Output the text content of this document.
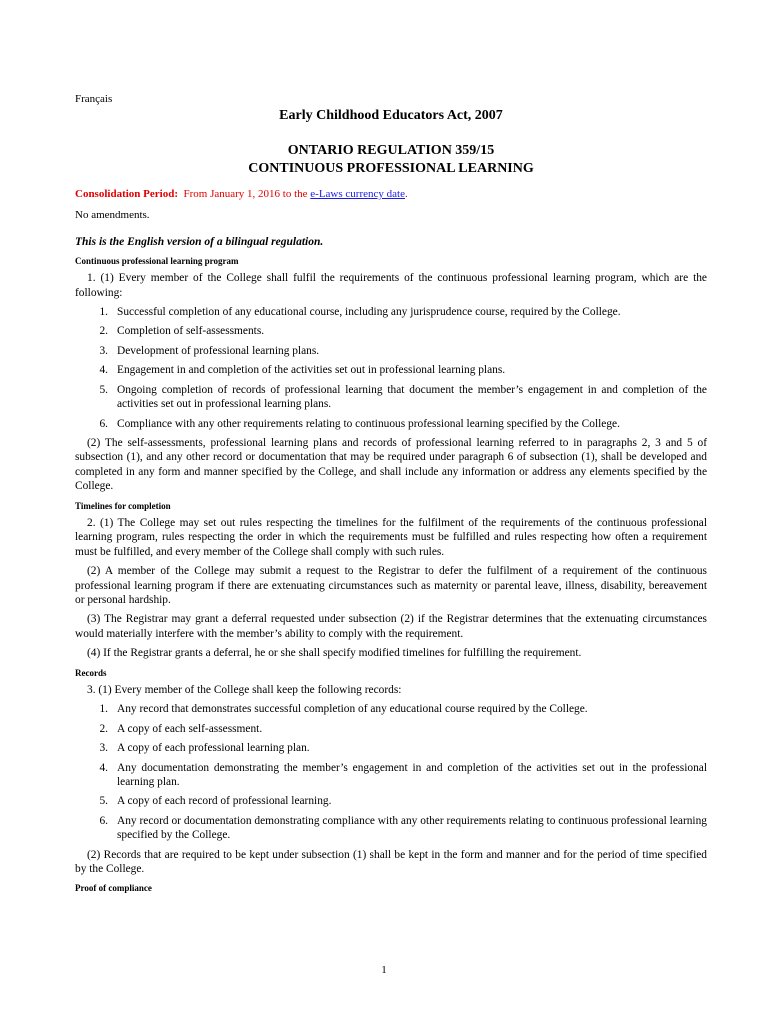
Français
Early Childhood Educators Act, 2007
ONTARIO REGULATION 359/15
CONTINUOUS PROFESSIONAL LEARNING
Consolidation Period: From January 1, 2016 to the e-Laws currency date.
No amendments.
This is the English version of a bilingual regulation.
Continuous professional learning program

1. (1) Every member of the College shall fulfil the requirements of the continuous professional learning program, which are the following:

1. Successful completion of any educational course, including any jurisprudence course, required by the College.
2. Completion of self-assessments.
3. Development of professional learning plans.
4. Engagement in and completion of the activities set out in professional learning plans.
5. Ongoing completion of records of professional learning that document the member’s engagement in and completion of the activities set out in professional learning plans.
6. Compliance with any other requirements relating to continuous professional learning specified by the College.

(2) The self-assessments, professional learning plans and records of professional learning referred to in paragraphs 2, 3 and 5 of subsection (1), and any other record or documentation that may be required under paragraph 6 of subsection (1), shall be developed and completed in any form and manner specified by the College, and shall include any information or address any elements specified by the College.

Timelines for completion

2. (1) The College may set out rules respecting the timelines for the fulfilment of the requirements of the continuous professional learning program, rules respecting the order in which the requirements must be fulfilled and rules respecting how often a requirement must be fulfilled, and every member of the College shall comply with such rules.

(2) A member of the College may submit a request to the Registrar to defer the fulfilment of a requirement of the continuous professional learning program if there are extenuating circumstances such as maternity or parental leave, illness, disability, bereavement or personal hardship.

(3) The Registrar may grant a deferral requested under subsection (2) if the Registrar determines that the extenuating circumstances would materially interfere with the member’s ability to comply with the requirement.

(4) If the Registrar grants a deferral, he or she shall specify modified timelines for fulfilling the requirement.

Records

3. (1) Every member of the College shall keep the following records:

1. Any record that demonstrates successful completion of any educational course required by the College.
2. A copy of each self-assessment.
3. A copy of each professional learning plan.
4. Any documentation demonstrating the member’s engagement in and completion of the activities set out in the professional learning plan.
5. A copy of each record of professional learning.
6. Any record or documentation demonstrating compliance with any other requirements relating to continuous professional learning specified by the College.

(2) Records that are required to be kept under subsection (1) shall be kept in the form and manner and for the period of time specified by the College.

Proof of compliance
1
